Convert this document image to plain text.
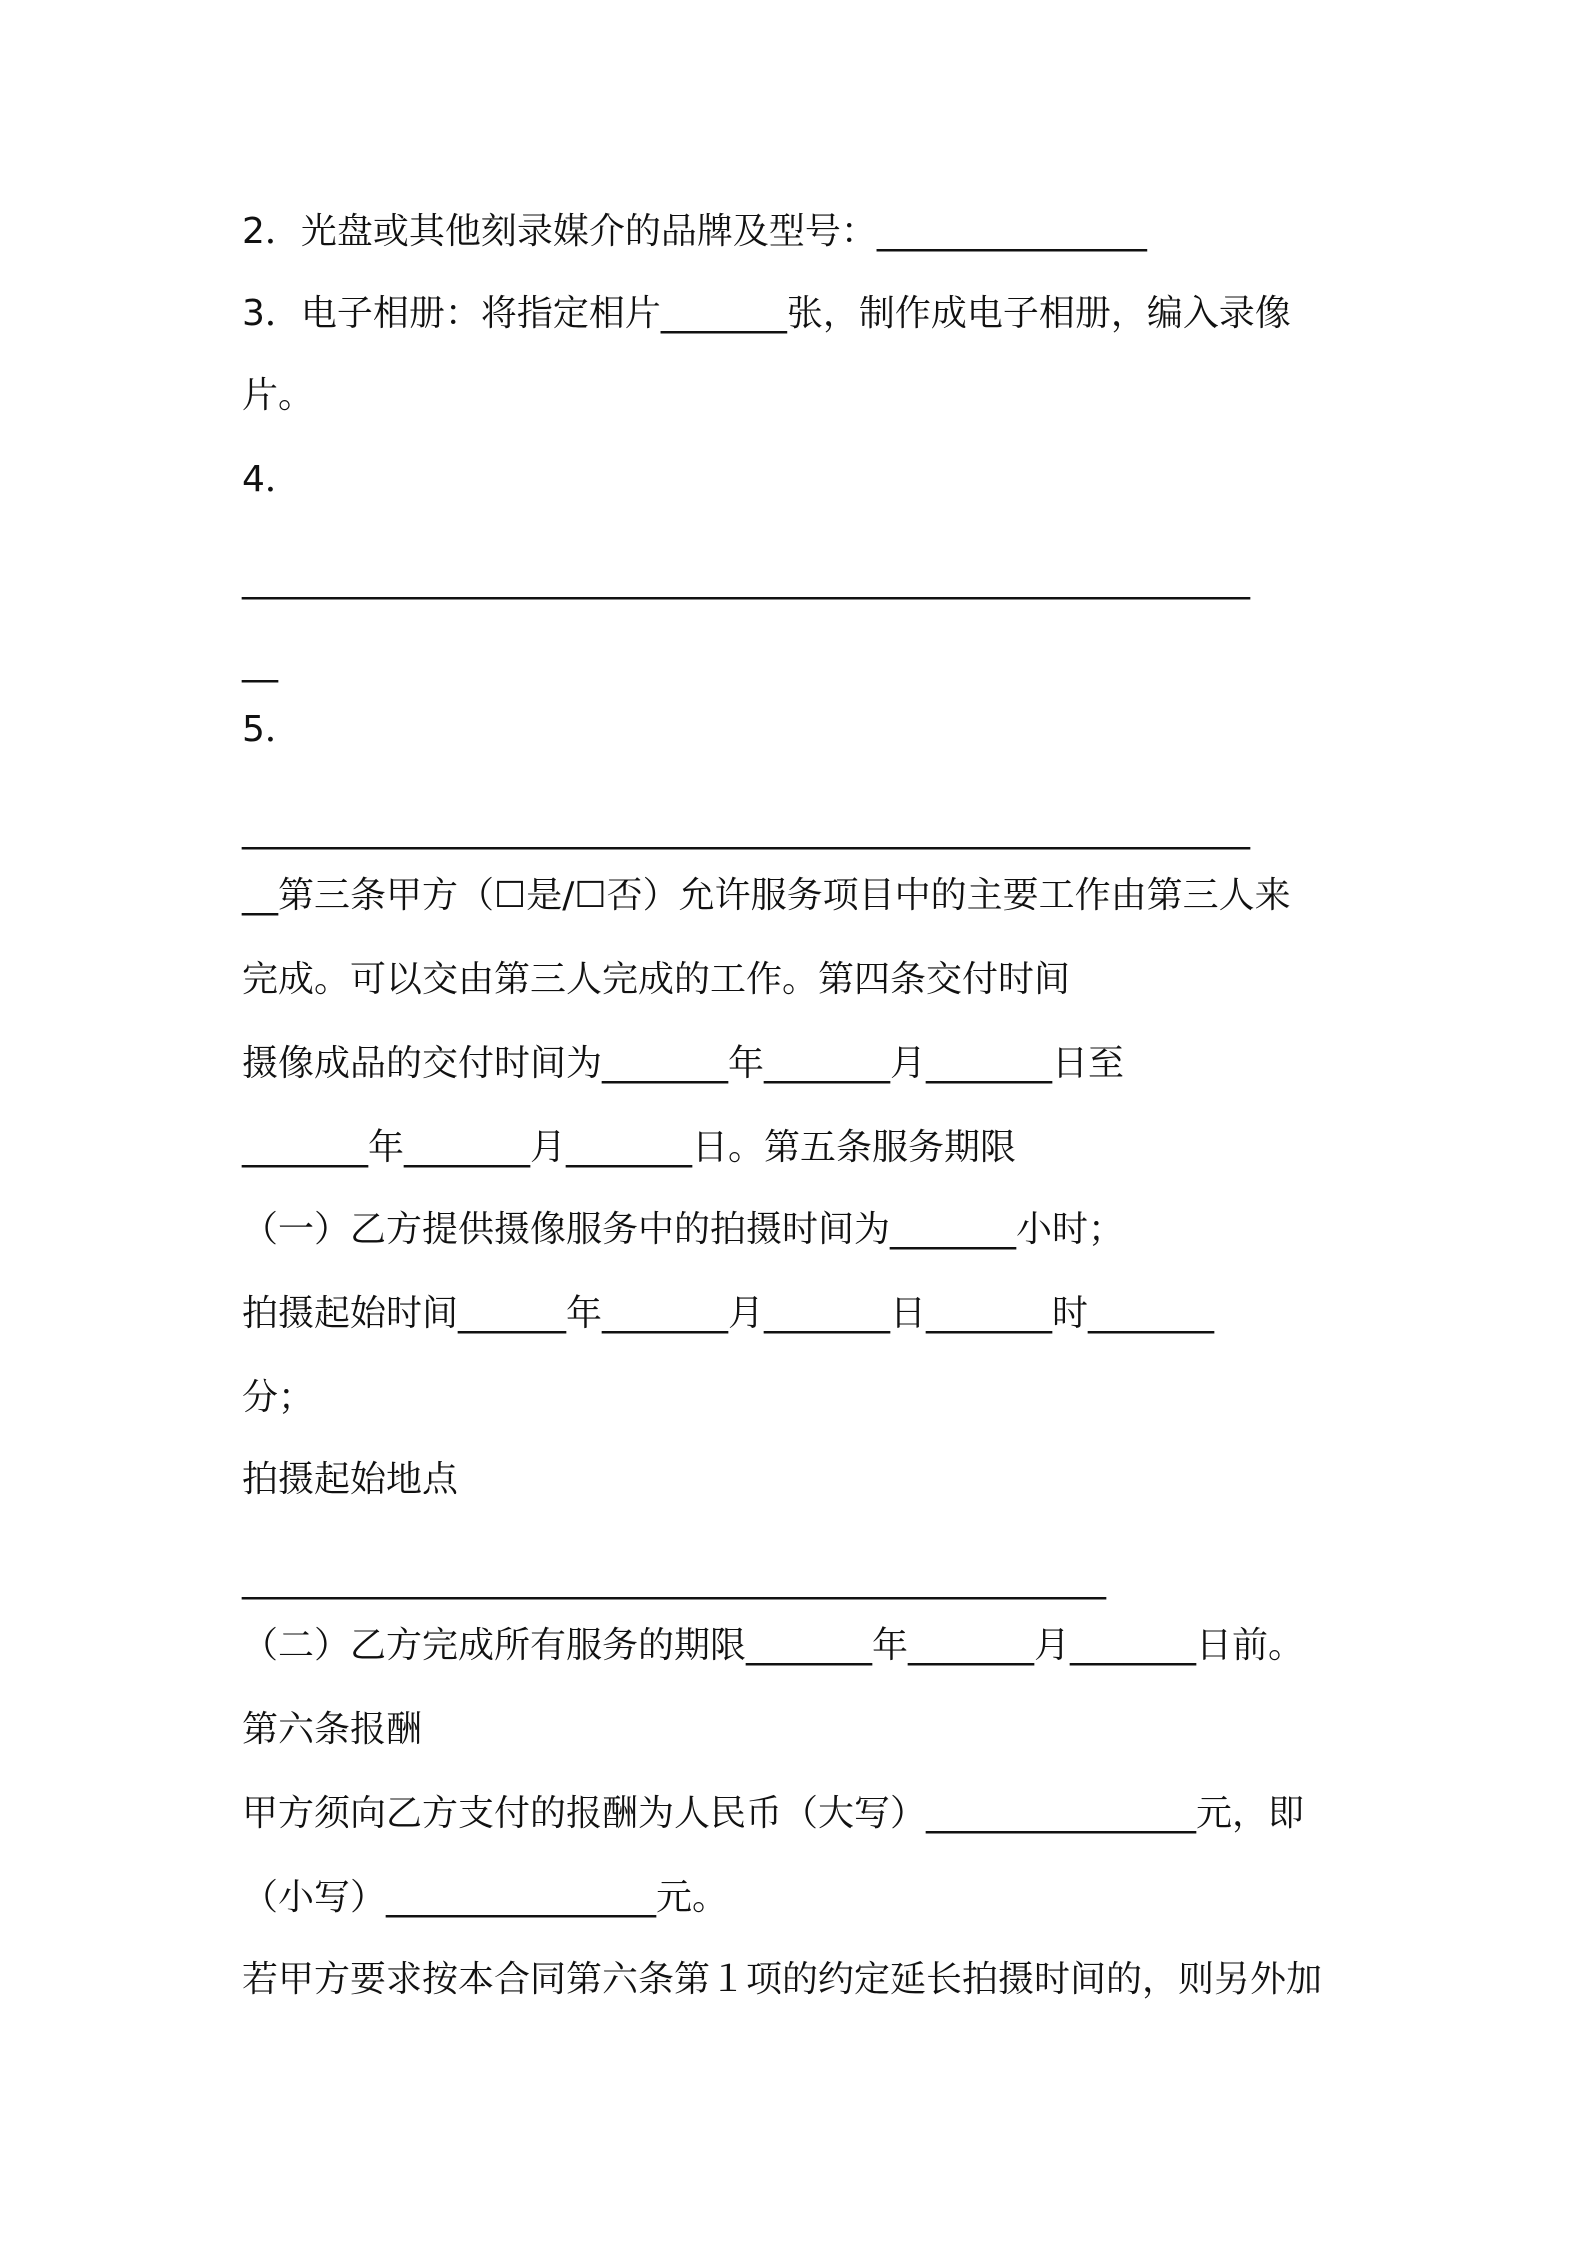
2．光盘或其他刻录媒介的品牌及型号：_______________
3．电子相册：将指定相片_______张，制作成电子相册，编入录像
片。
4．
________________________________________________________
__
5．
________________________________________________________
__第三条甲方（☐是/☐否）允许服务项目中的主要工作由第三人来
完成。可以交由第三人完成的工作。第四条交付时间
摄像成品的交付时间为_______年_______月_______日至
_______年_______月_______日。第五条服务期限
（一）乙方提供摄像服务中的拍摄时间为_______小时；
拍摄起始时间______年_______月_______日_______时_______
分；
拍摄起始地点
________________________________________________
（二）乙方完成所有服务的期限_______年_______月_______日前。
第六条报酬
甲方须向乙方支付的报酬为人民币（大写）_______________元，即
（小写）_______________元。
若甲方要求按本合同第六条第１项的约定延长拍摄时间的，则另外加
